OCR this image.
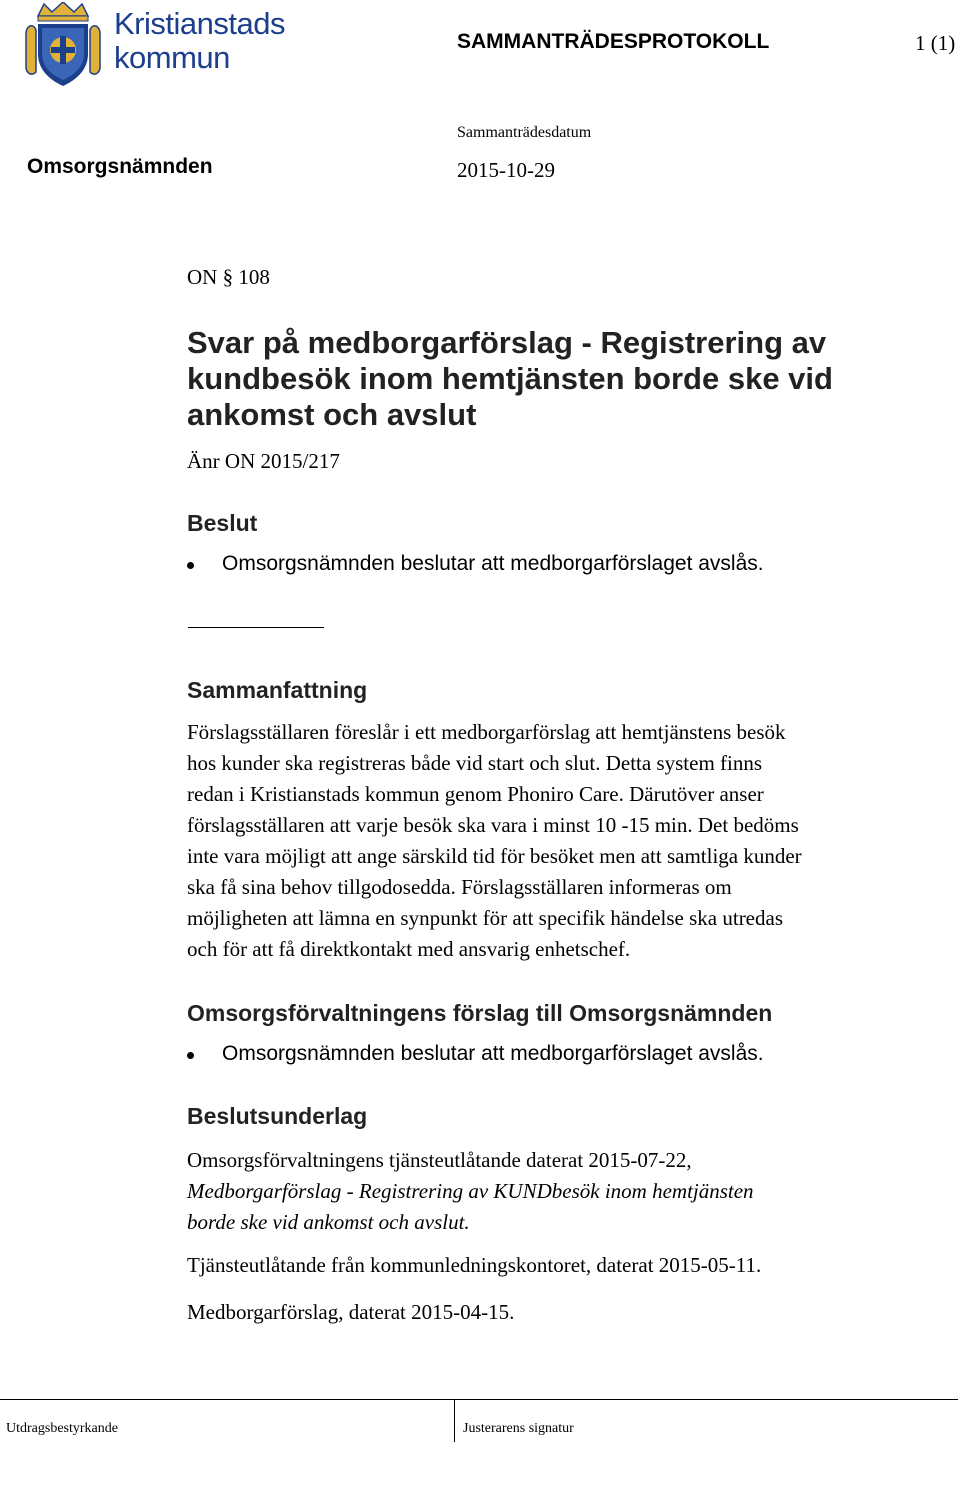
Kristianstads
kommun	SAMMANTRÄDESPROTOKOLL	1 (1)
Sammanträdesdatum
Omsorgsnämnden	2015-10-29
ON § 108
Svar på medborgarförslag - Registrering av
kundbesök inom hemtjänsten borde ske vid
ankomst och avslut
Änr ON 2015/217
Beslut
Omsorgsnämnden beslutar att medborgarförslaget avslås.
Sammanfattning
Förslagsställaren föreslår i ett medborgarförslag att hemtjänstens besök
hos kunder ska registreras både vid start och slut. Detta system finns
redan i Kristianstads kommun genom Phoniro Care. Därutöver anser
förslagsställaren att varje besök ska vara i minst 10 -15 min. Det bedöms
inte vara möjligt att ange särskild tid för besöket men att samtliga kunder
ska få sina behov tillgodosedda. Förslagsställaren informeras om
möjligheten att lämna en synpunkt för att specifik händelse ska utredas
och för att få direktkontakt med ansvarig enhetschef.
Omsorgsförvaltningens förslag till Omsorgsnämnden
Omsorgsnämnden beslutar att medborgarförslaget avslås.
Beslutsunderlag
Omsorgsförvaltningens tjänsteutlåtande daterat 2015-07-22,
Medborgarförslag - Registrering av KUNDbesök inom hemtjänsten
borde ske vid ankomst och avslut.
Tjänsteutlåtande från kommunledningskontoret, daterat 2015-05-11.
Medborgarförslag, daterat 2015-04-15.
Utdragsbestyrkande	Justerarens signatur
